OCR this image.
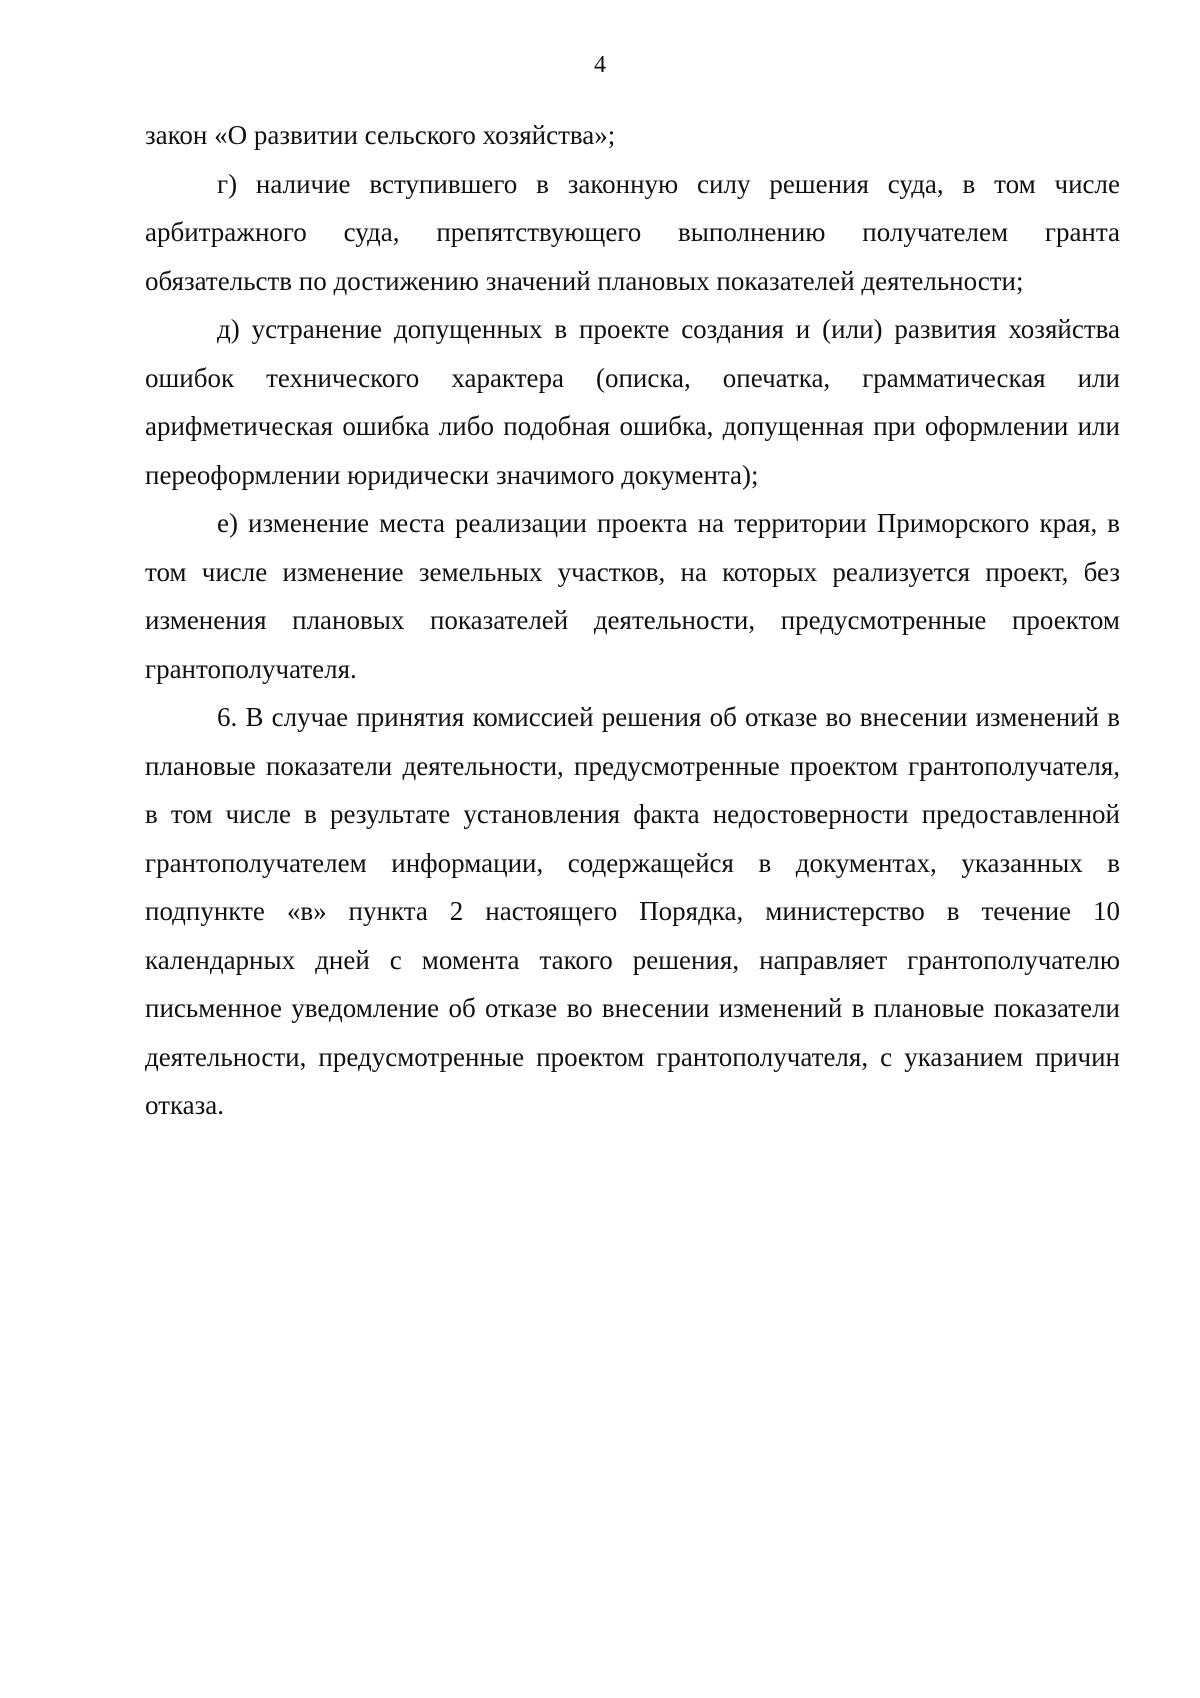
4

закон «О развитии сельского хозяйства»;

г) наличие вступившего в законную силу решения суда, в том числе арбитражного суда, препятствующего выполнению получателем гранта обязательств по достижению значений плановых показателей деятельности;

д) устранение допущенных в проекте создания и (или) развития хозяйства ошибок технического характера (описка, опечатка, грамматическая или арифметическая ошибка либо подобная ошибка, допущенная при оформлении или переоформлении юридически значимого документа);

е) изменение места реализации проекта на территории Приморского края, в том числе изменение земельных участков, на которых реализуется проект, без изменения плановых показателей деятельности, предусмотренные проектом грантополучателя.

6. В случае принятия комиссией решения об отказе во внесении изменений в плановые показатели деятельности, предусмотренные проектом грантополучателя, в том числе в результате установления факта недостоверности предоставленной грантополучателем информации, содержащейся в документах, указанных в подпункте «в» пункта 2 настоящего Порядка, министерство в течение 10 календарных дней с момента такого решения, направляет грантополучателю письменное уведомление об отказе во внесении изменений в плановые показатели деятельности, предусмотренные проектом грантополучателя, с указанием причин отказа.
